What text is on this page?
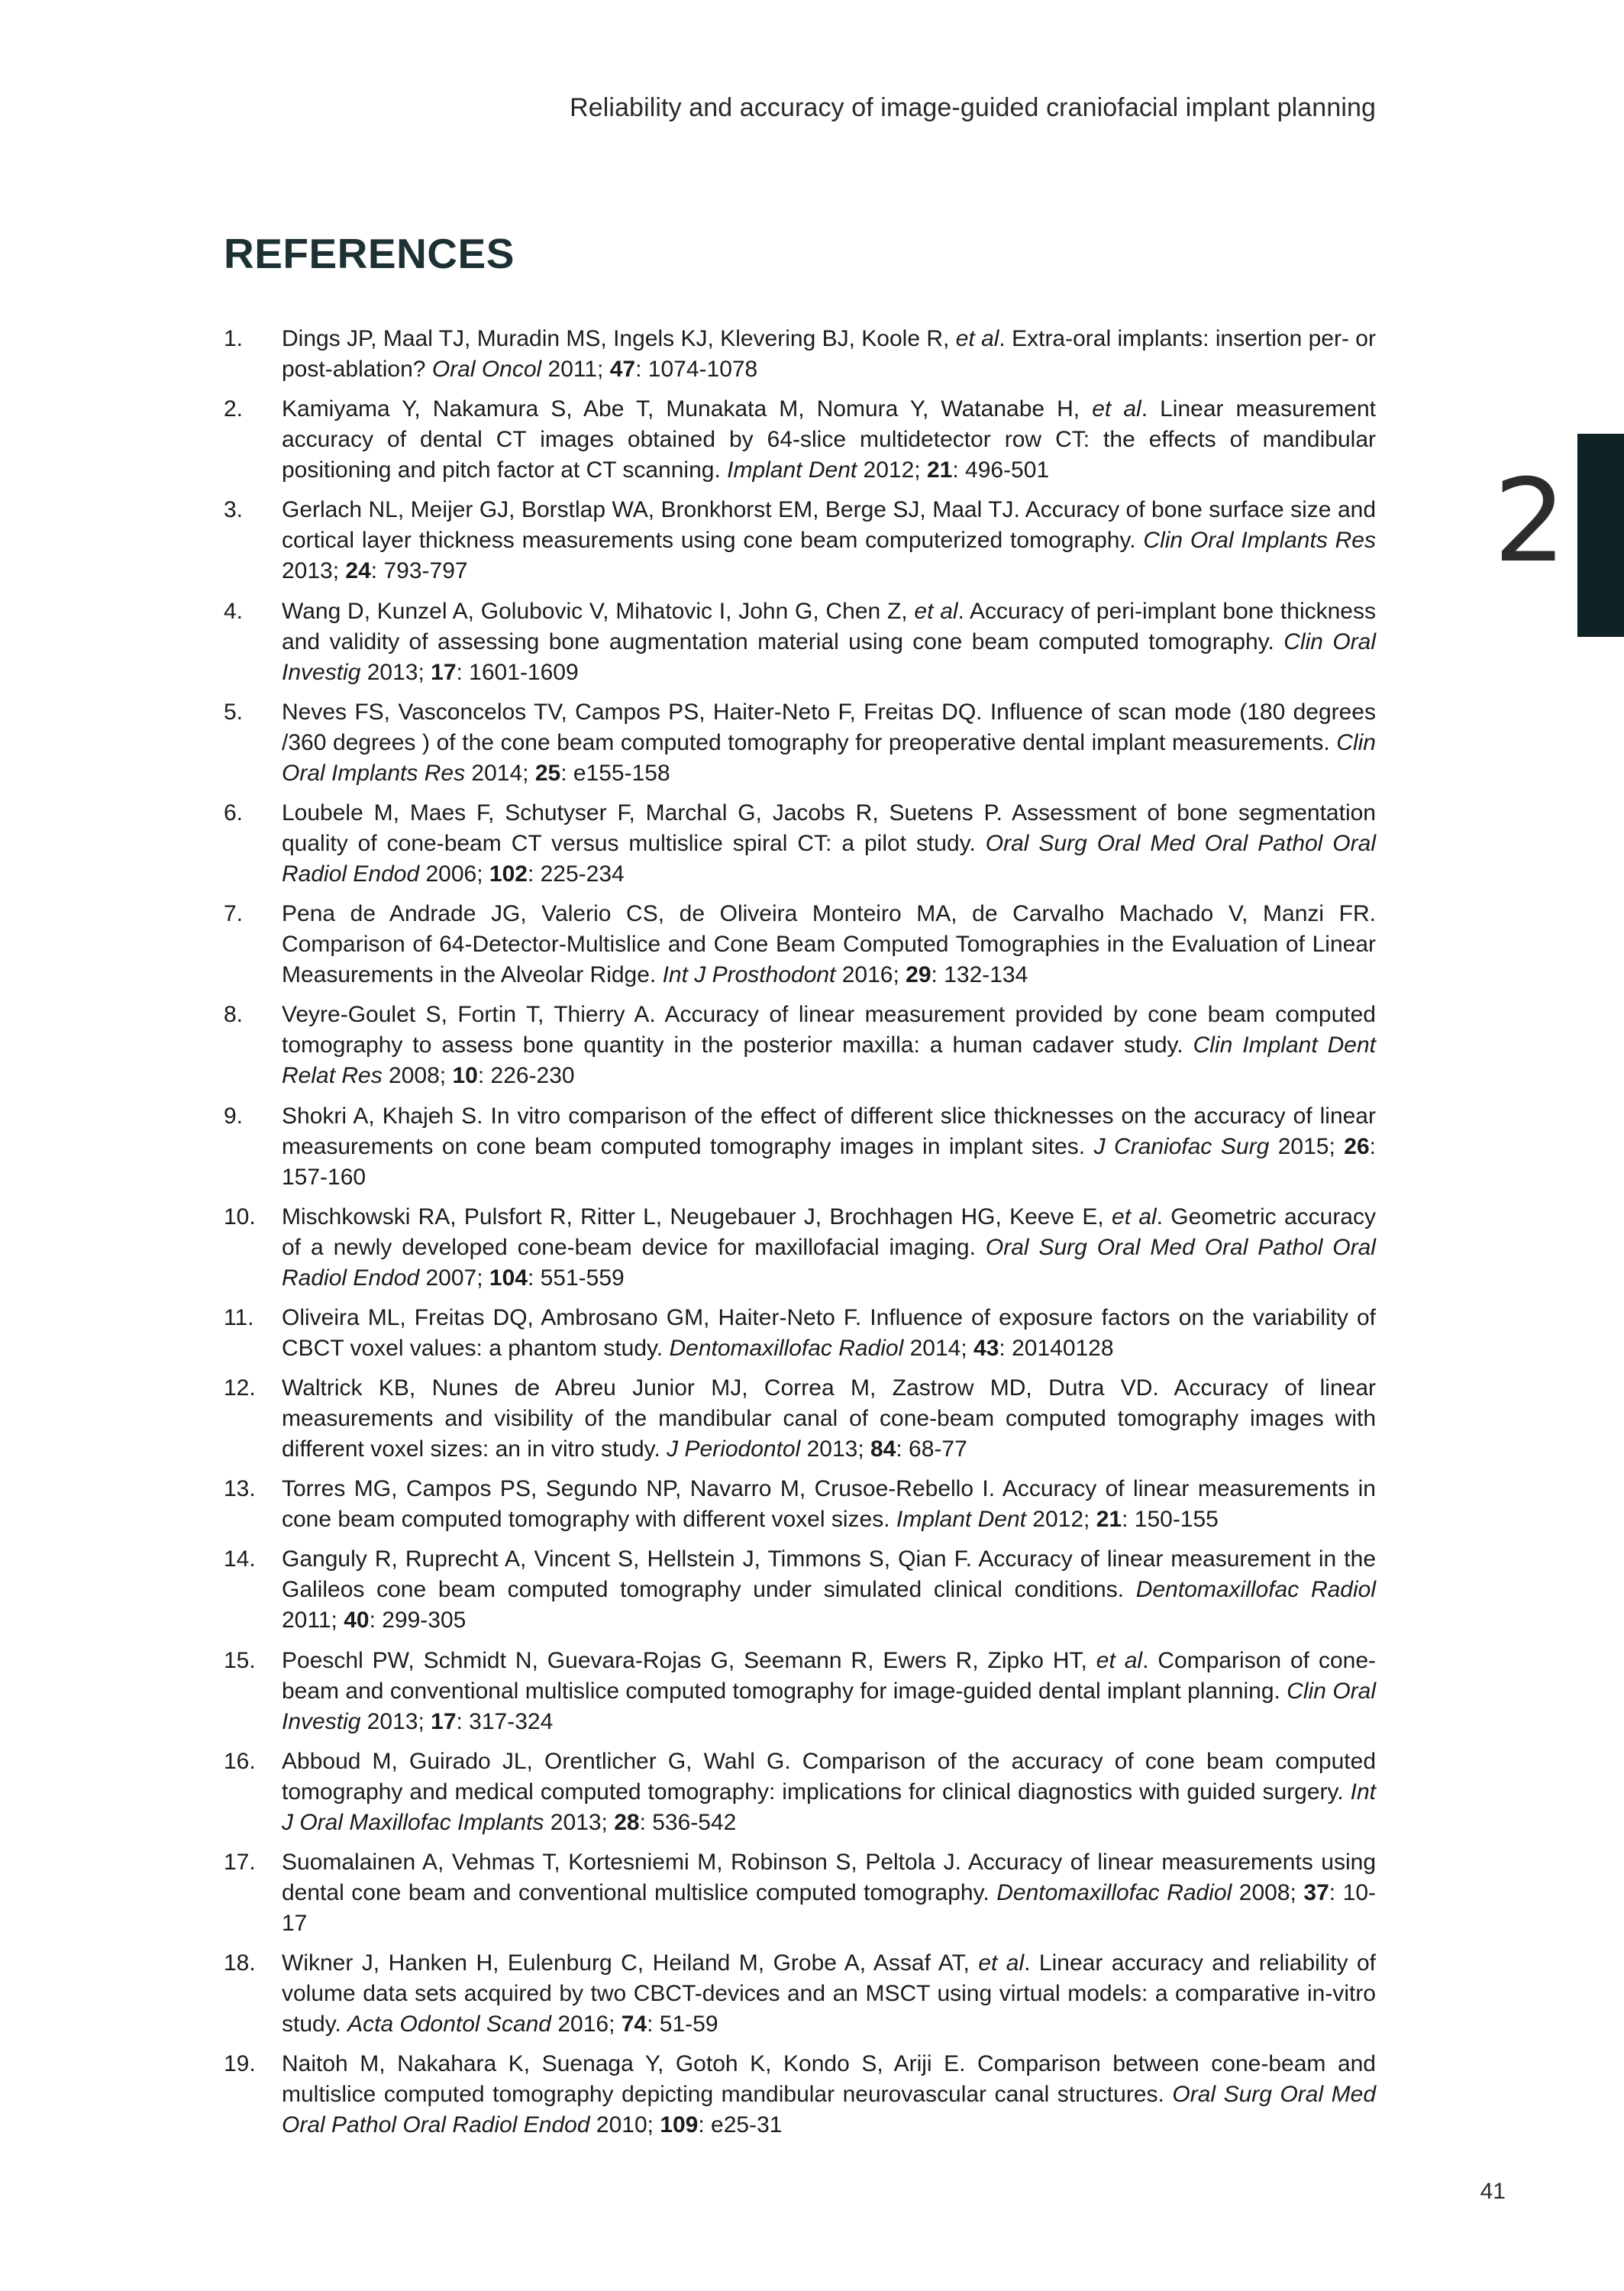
Reliability and accuracy of image-guided craniofacial implant planning
REFERENCES
2
1. Dings JP, Maal TJ, Muradin MS, Ingels KJ, Klevering BJ, Koole R, et al. Extra-oral implants: insertion per- or post-ablation? Oral Oncol 2011; 47: 1074-1078
2. Kamiyama Y, Nakamura S, Abe T, Munakata M, Nomura Y, Watanabe H, et al. Linear measurement accuracy of dental CT images obtained by 64-slice multidetector row CT: the effects of mandibular positioning and pitch factor at CT scanning. Implant Dent 2012; 21: 496-501
3. Gerlach NL, Meijer GJ, Borstlap WA, Bronkhorst EM, Berge SJ, Maal TJ. Accuracy of bone surface size and cortical layer thickness measurements using cone beam computerized tomography. Clin Oral Implants Res 2013; 24: 793-797
4. Wang D, Kunzel A, Golubovic V, Mihatovic I, John G, Chen Z, et al. Accuracy of peri-implant bone thickness and validity of assessing bone augmentation material using cone beam computed tomography. Clin Oral Investig 2013; 17: 1601-1609
5. Neves FS, Vasconcelos TV, Campos PS, Haiter-Neto F, Freitas DQ. Influence of scan mode (180 degrees /360 degrees ) of the cone beam computed tomography for preoperative dental implant measurements. Clin Oral Implants Res 2014; 25: e155-158
6. Loubele M, Maes F, Schutyser F, Marchal G, Jacobs R, Suetens P. Assessment of bone segmentation quality of cone-beam CT versus multislice spiral CT: a pilot study. Oral Surg Oral Med Oral Pathol Oral Radiol Endod 2006; 102: 225-234
7. Pena de Andrade JG, Valerio CS, de Oliveira Monteiro MA, de Carvalho Machado V, Manzi FR. Comparison of 64-Detector-Multislice and Cone Beam Computed Tomographies in the Evaluation of Linear Measurements in the Alveolar Ridge. Int J Prosthodont 2016; 29: 132-134
8. Veyre-Goulet S, Fortin T, Thierry A. Accuracy of linear measurement provided by cone beam computed tomography to assess bone quantity in the posterior maxilla: a human cadaver study. Clin Implant Dent Relat Res 2008; 10: 226-230
9. Shokri A, Khajeh S. In vitro comparison of the effect of different slice thicknesses on the accuracy of linear measurements on cone beam computed tomography images in implant sites. J Craniofac Surg 2015; 26: 157-160
10. Mischkowski RA, Pulsfort R, Ritter L, Neugebauer J, Brochhagen HG, Keeve E, et al. Geometric accuracy of a newly developed cone-beam device for maxillofacial imaging. Oral Surg Oral Med Oral Pathol Oral Radiol Endod 2007; 104: 551-559
11. Oliveira ML, Freitas DQ, Ambrosano GM, Haiter-Neto F. Influence of exposure factors on the variability of CBCT voxel values: a phantom study. Dentomaxillofac Radiol 2014; 43: 20140128
12. Waltrick KB, Nunes de Abreu Junior MJ, Correa M, Zastrow MD, Dutra VD. Accuracy of linear measurements and visibility of the mandibular canal of cone-beam computed tomography images with different voxel sizes: an in vitro study. J Periodontol 2013; 84: 68-77
13. Torres MG, Campos PS, Segundo NP, Navarro M, Crusoe-Rebello I. Accuracy of linear measurements in cone beam computed tomography with different voxel sizes. Implant Dent 2012; 21: 150-155
14. Ganguly R, Ruprecht A, Vincent S, Hellstein J, Timmons S, Qian F. Accuracy of linear measurement in the Galileos cone beam computed tomography under simulated clinical conditions. Dentomaxillofac Radiol 2011; 40: 299-305
15. Poeschl PW, Schmidt N, Guevara-Rojas G, Seemann R, Ewers R, Zipko HT, et al. Comparison of cone-beam and conventional multislice computed tomography for image-guided dental implant planning. Clin Oral Investig 2013; 17: 317-324
16. Abboud M, Guirado JL, Orentlicher G, Wahl G. Comparison of the accuracy of cone beam computed tomography and medical computed tomography: implications for clinical diagnostics with guided surgery. Int J Oral Maxillofac Implants 2013; 28: 536-542
17. Suomalainen A, Vehmas T, Kortesniemi M, Robinson S, Peltola J. Accuracy of linear measurements using dental cone beam and conventional multislice computed tomography. Dentomaxillofac Radiol 2008; 37: 10-17
18. Wikner J, Hanken H, Eulenburg C, Heiland M, Grobe A, Assaf AT, et al. Linear accuracy and reliability of volume data sets acquired by two CBCT-devices and an MSCT using virtual models: a comparative in-vitro study. Acta Odontol Scand 2016; 74: 51-59
19. Naitoh M, Nakahara K, Suenaga Y, Gotoh K, Kondo S, Ariji E. Comparison between cone-beam and multislice computed tomography depicting mandibular neurovascular canal structures. Oral Surg Oral Med Oral Pathol Oral Radiol Endod 2010; 109: e25-31
41
